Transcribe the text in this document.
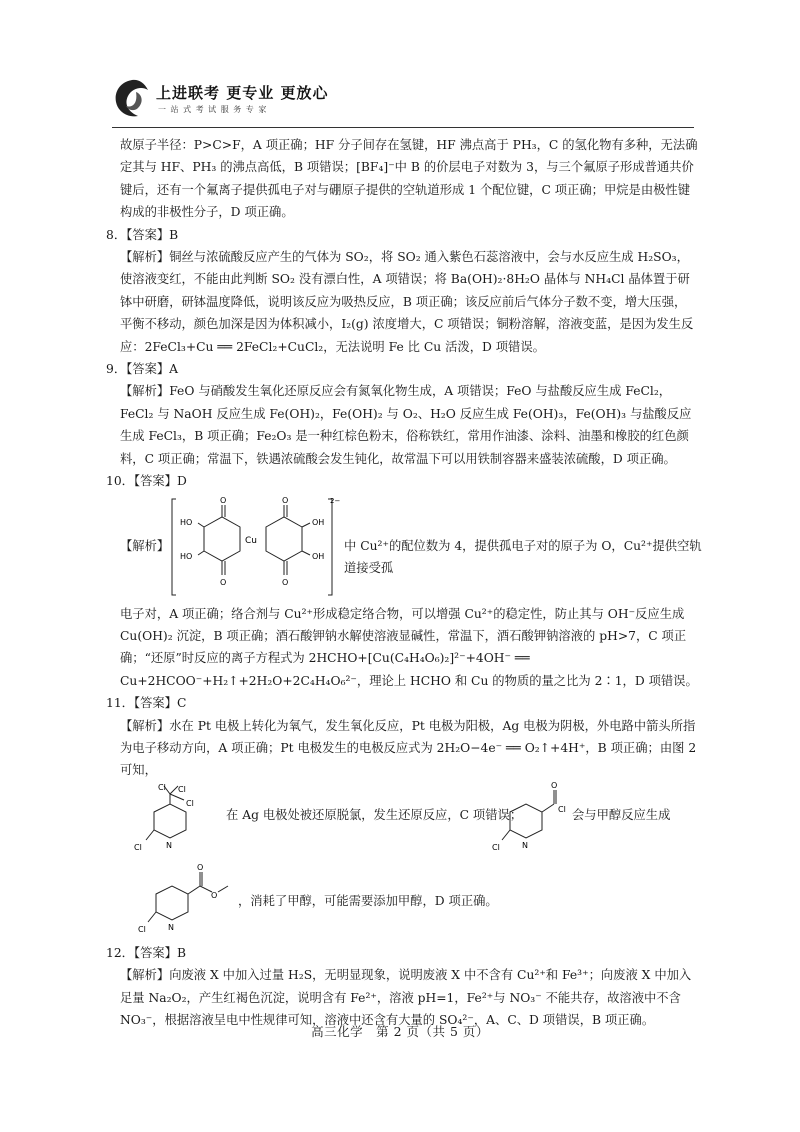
上进联考 更专业 更放心
一 站 式 考 试 服 务 专 家

故原子半径：P>C>F，A 项正确；HF 分子间存在氢键，HF 沸点高于 PH₃，C 的氢化物有多种，无法确定其与 HF、PH₃ 的沸点高低，B 项错误；[BF₄]⁻中 B 的价层电子对数为 3，与三个氟原子形成普通共价键后，还有一个氟离子提供孤电子对与硼原子提供的空轨道形成 1 个配位键，C 项正确；甲烷是由极性键构成的非极性分子，D 项正确。

8．【答案】B

【解析】铜丝与浓硫酸反应产生的气体为 SO₂，将 SO₂ 通入紫色石蕊溶液中，会与水反应生成 H₂SO₃，使溶液变红，不能由此判断 SO₂ 没有漂白性，A 项错误；将 Ba(OH)₂·8H₂O 晶体与 NH₄Cl 晶体置于研钵中研磨，研钵温度降低，说明该反应为吸热反应，B 项正确；该反应前后气体分子数不变，增大压强，平衡不移动，颜色加深是因为体积减小，I₂(g) 浓度增大，C 项错误；铜粉溶解，溶液变蓝，是因为发生反应：2FeCl₃+Cu ══ 2FeCl₂+CuCl₂，无法说明 Fe 比 Cu 活泼，D 项错误。

9．【答案】A

【解析】FeO 与硝酸发生氧化还原反应会有氮氧化物生成，A 项错误；FeO 与盐酸反应生成 FeCl₂，FeCl₂ 与 NaOH 反应生成 Fe(OH)₂，Fe(OH)₂ 与 O₂、H₂O 反应生成 Fe(OH)₃，Fe(OH)₃ 与盐酸反应生成 FeCl₃，B 项正确；Fe₂O₃ 是一种红棕色粉末，俗称铁红，常用作油漆、涂料、油墨和橡胶的红色颜料，C 项正确；常温下，铁遇浓硫酸会发生钝化，故常温下可以用铁制容器来盛装浓硫酸，D 项正确。

10．【答案】D

【解析】
HO
HO
O
O
O
O
Cu
OH
OH
2−
中 Cu²⁺的配位数为 4，提供孤电子对的原子为 O，Cu²⁺提供空轨道接受孤

电子对，A 项正确；络合剂与 Cu²⁺形成稳定络合物，可以增强 Cu²⁺的稳定性，防止其与 OH⁻反应生成 Cu(OH)₂ 沉淀，B 项正确；酒石酸钾钠水解使溶液显碱性，常温下，酒石酸钾钠溶液的 pH>7，C 项正确；“还原”时反应的离子方程式为 2HCHO+[Cu(C₄H₄O₆)₂]²⁻+4OH⁻ ══ Cu+2HCOO⁻+H₂↑+2H₂O+2C₄H₄O₆²⁻，理论上 HCHO 和 Cu 的物质的量之比为 2∶1，D 项错误。

11．【答案】C

【解析】水在 Pt 电极上转化为氧气，发生氧化反应，Pt 电极为阳极，Ag 电极为阴极，外电路中箭头所指为电子移动方向，A 项正确；Pt 电极发生的电极反应式为 2H₂O−4e⁻ ══ O₂↑+4H⁺，B 项正确；由图 2 可知，

Cl Cl
Cl
Cl	N
在 Ag 电极处被还原脱氯，发生还原反应，C 项错误；
O
Cl
Cl	N
会与甲醇反应生成
O
O
Cl	N
，消耗了甲醇，可能需要添加甲醇，D 项正确。

12．【答案】B

【解析】向废液 X 中加入过量 H₂S，无明显现象，说明废液 X 中不含有 Cu²⁺和 Fe³⁺；向废液 X 中加入足量 Na₂O₂，产生红褐色沉淀，说明含有 Fe²⁺，溶液 pH=1，Fe²⁺与 NO₃⁻ 不能共存，故溶液中不含 NO₃⁻，根据溶液呈电中性规律可知，溶液中还含有大量的 SO₄²⁻，A、C、D 项错误，B 项正确。

高三化学　第 2 页（共 5 页）
